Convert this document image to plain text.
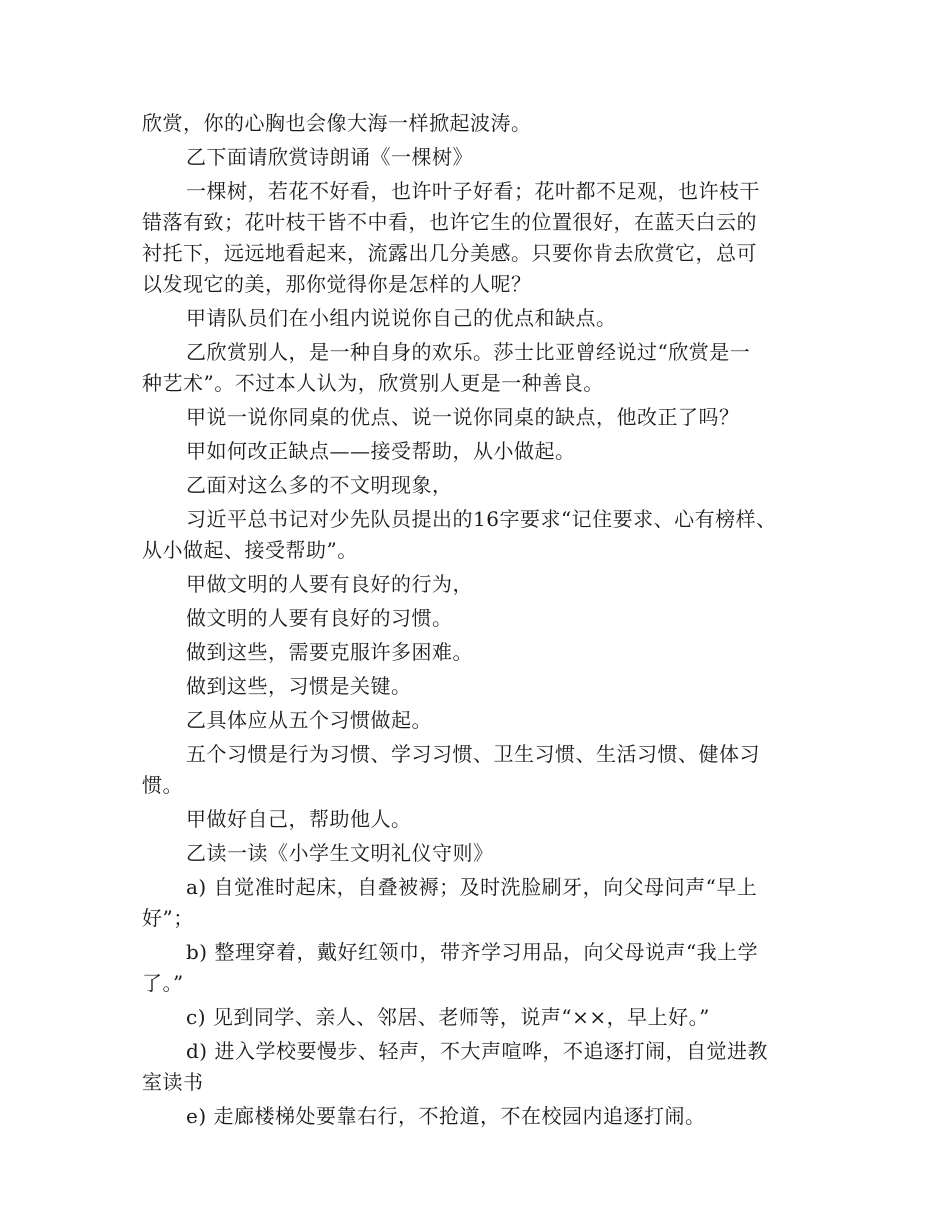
欣赏，你的心胸也会像大海一样掀起波涛。

乙下面请欣赏诗朗诵《一棵树》

一棵树，若花不好看，也许叶子好看；花叶都不足观，也许枝干
错落有致；花叶枝干皆不中看，也许它生的位置很好，在蓝天白云的
衬托下，远远地看起来，流露出几分美感。只要你肯去欣赏它，总可
以发现它的美，那你觉得你是怎样的人呢？

甲请队员们在小组内说说你自己的优点和缺点。

乙欣赏别人，是一种自身的欢乐。莎士比亚曾经说过“欣赏是一
种艺术”。不过本人认为，欣赏别人更是一种善良。

甲说一说你同桌的优点、说一说你同桌的缺点，他改正了吗？

甲如何改正缺点——接受帮助，从小做起。

乙面对这么多的不文明现象，

习近平总书记对少先队员提出的16字要求“记住要求、心有榜样、
从小做起、接受帮助”。

甲做文明的人要有良好的行为，

做文明的人要有良好的习惯。

做到这些，需要克服许多困难。

做到这些，习惯是关键。

乙具体应从五个习惯做起。

五个习惯是行为习惯、学习习惯、卫生习惯、生活习惯、健体习
惯。

甲做好自己，帮助他人。

乙读一读《小学生文明礼仪守则》

a) 自觉准时起床，自叠被褥；及时洗脸刷牙，向父母问声“早上
好”；

b) 整理穿着，戴好红领巾，带齐学习用品，向父母说声“我上学
了。”

c) 见到同学、亲人、邻居、老师等，说声“××，早上好。”

d) 进入学校要慢步、轻声，不大声喧哗，不追逐打闹，自觉进教
室读书

e) 走廊楼梯处要靠右行，不抢道，不在校园内追逐打闹。
